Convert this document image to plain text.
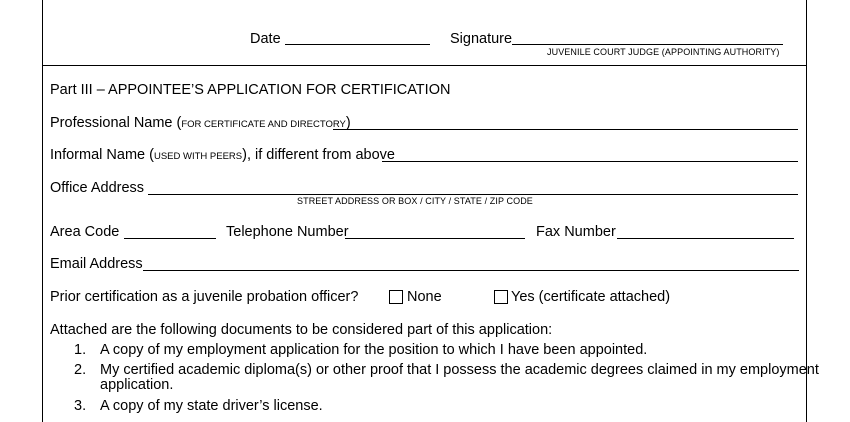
Date	Signature
JUVENILE COURT JUDGE (APPOINTING AUTHORITY)
Part III – APPOINTEE’S APPLICATION FOR CERTIFICATION
Professional Name (FOR CERTIFICATE AND DIRECTORY)
Informal Name (USED WITH PEERS), if different from above
Office Address
STREET ADDRESS OR BOX / CITY / STATE / ZIP CODE
Area Code	Telephone Number	Fax Number
Email Address
Prior certification as a juvenile probation officer?	None	Yes (certificate attached)
Attached are the following documents to be considered part of this application:
1. A copy of my employment application for the position to which I have been appointed.
2. My certified academic diploma(s) or other proof that I possess the academic degrees claimed in my employment
application.
3. A copy of my state driver’s license.
